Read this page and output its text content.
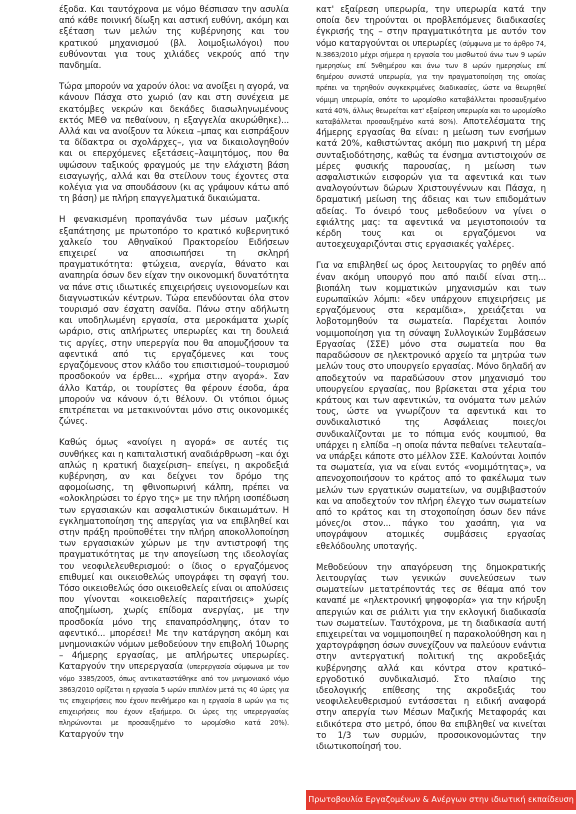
έξοδα. Και ταυτόχρονα με νόμο θέσπισαν την ασυλία από κάθε ποινική δίωξη και αστική ευθύνη, ακόμη και εξέταση των μελών της κυβέρνησης και του κρατικού μηχανισμού (βλ. λοιμοξιωλόγοι) που ευθύνονται για τους χιλιάδες νεκρούς από την πανδημία.

Τώρα μπορούν να χαρούν όλοι: να ανοίξει η αγορά, να κάνουν Πάσχα στο χωριό (αν και στη συνέχεια με εκατόμβες νεκρών και δεκάδες διασωληνωμένους εκτός ΜΕΘ να πεθαίνουν, η εξαγγελία ακυρώθηκε)... Αλλά και να ανοίξουν τα λύκεια –μπας και εισπράξουν τα δίδακτρα οι σχολάρχες–, για να δικαιολογηθούν και οι επερχόμενες εξετάσεις–λαιμητόμος, που θα υψώσουν ταξικούς φραγμούς με την ελάχιστη βάση εισαγωγής, αλλά και θα στείλουν τους έχοντες στα κολέγια για να σπουδάσουν (κι ας γράψουν κάτω από τη βάση) με πλήρη επαγγελματικά δικαιώματα.

Η φενακισμένη προπαγάνδα των μέσων μαζικής εξαπάτησης με πρωτοπόρο το κρατικό κυβερνητικό χαλκείο του Αθηναϊκού Πρακτορείου Ειδήσεων επιχειρεί να αποσιωπήσει τη σκληρή πραγματικότητα: φτώχεια, ανεργία, θάνατο και αναπηρία όσων δεν είχαν την οικονομική δυνατότητα να πάνε στις ιδιωτικές επιχειρήσεις υγειονομείων και διαγνωστικών κέντρων. Τώρα επενδύονται όλα στον τουρισμό σαν έσχατη σανίδα. Πάνω στην αδήλωτη και υποδηλωμένη εργασία, στα μεροκάματα χωρίς ωράριο, στις απλήρωτες υπερωρίες και τη δουλειά τις αργίες, στην υπερεργία που θα απομυζήσουν τα αφεντικά από τις εργαζόμενες και τους εργαζόμενους στον κλάδο του επισιτισμού–τουρισμού προσδοκούν να έρθει... «χρήμα στην αγορά». Σαν άλλο Κατάρ, οι τουρίστες θα φέρουν έσοδα, άρα μπορούν να κάνουν ό,τι θέλουν. Οι ντόπιοι όμως επιτρέπεται να μετακινούνται μόνο στις οικονομικές ζώνες.

Καθώς όμως «ανοίγει η αγορά» σε αυτές τις συνθήκες και η καπιταλιστική αναδιάρθρωση –και όχι απλώς η κρατική διαχείριση– επείγει, η ακροδεξιά κυβέρνηση, αν και δείχνει τον δρόμο της αφομοίωσης, τη φθινοπωρινή κάλπη, πρέπει να «ολοκληρώσει το έργο της» με την πλήρη ισοπέδωση των εργασιακών και ασφαλιστικών δικαιωμάτων. Η εγκληματοποίηση της απεργίας για να επιβληθεί και στην πράξη προϋποθέτει την πλήρη αποκολλοποίηση των εργασιακών χώρων με την αντιστροφή της πραγματικότητας με την απογείωση της ιδεολογίας του νεοφιλελευθερισμού: ο ίδιος ο εργαζόμενος επιθυμεί και οικειοθελώς υπογράφει τη σφαγή του. Τόσο οικειοθελώς όσο οικειοθελείς είναι οι απολύσεις που γίνονται «οικειοθελείς παραιτήσεις» χωρίς αποζημίωση, χωρίς επίδομα ανεργίας, με την προσδοκία μόνο της επαναπρόσληψης, όταν το αφεντικό... μπορέσει! Με την κατάργηση ακόμη και μνημονιακών νόμων μεθοδεύουν την επιβολή 10ωρης – 4ήμερης εργασίας, με απλήρωτες υπερωρίες. Καταργούν την υπερεργασία (υπερεργασία σύμφωνα με τον νόμο 3385/2005, όπως αντικαταστάθηκε από τον μνημονιακό νόμο 3863/2010 ορίζεται η εργασία 5 ωρών επιπλέον μετά τις 40 ώρες για τις επιχειρήσεις που έχουν πενθήμερο και η εργασία 8 ωρών για τις επιχειρήσεις που έχουν εξαήμερο. Οι ώρες της υπερεργασίας πληρώνονται με προσαυξημένο το ωρομίσθιο κατά 20%). Καταργούν την

κατ' εξαίρεση υπερωρία, την υπερωρία κατά την οποία δεν τηρούνται οι προβλεπόμενες διαδικασίες έγκρισής της – στην πραγματικότητα με αυτόν τον νόμο καταργούνται οι υπερωρίες (σύμφωνα με το άρθρο 74, Ν.3863/2010 μέχρι σήμερα η εργασία του μισθωτού άνω των 9 ωρών ημερησίως επί 5νθημέρου και άνω των 8 ωρών ημερησίως επί 6ημέρου συνιστά υπερωρία, για την πραγματοποίηση της οποίας πρέπει να τηρηθούν συγκεκριμένες διαδικασίες, ώστε να θεωρηθεί νόμιμη υπερωρία, οπότε το ωρομίσθιο καταβάλλεται προσαυξημένο κατά 40%, άλλως θεωρείται κατ' εξαίρεση υπερωρία και το ωρομίσθιο καταβάλλεται προσαυξημένο κατά 80%). Αποτελέσματα της 4ήμερης εργασίας θα είναι: η μείωση των ενσήμων κατά 20%, καθιστώντας ακόμη πιο μακρινή τη μέρα συνταξιοδότησης, καθώς τα ένσημα αντιστοιχούν σε μέρες φυσικής παρουσίας, η μείωση των ασφαλιστικών εισφορών για τα αφεντικά και των αναλογούντων δώρων Χριστουγέννων και Πάσχα, η δραματική μείωση της άδειας και των επιδομάτων αδείας. Το όνειρό τους μεθοδεύουν να γίνει ο εφιάλτης μας: τα αφεντικά να μεγιστοποιούν τα κέρδη τους και οι εργαζόμενοι να αυτοεχευχαριζόνται στις εργασιακές γαλέρες.

Για να επιβληθεί ως όρος λειτουργίας το ρηθέν από έναν ακόμη υπουργό που από παιδί είναι στη... βιοπάλη των κομματικών μηχανισμών και των ευρωπαϊκών λόμπι: «δεν υπάρχουν επιχειρήσεις με εργαζόμενους στα κεραμίδια», χρειάζεται να λοβοτομηθούν τα σωματεία. Παρέχεται λοιπόν νομιμοποίηση για τη σύναψη Συλλογικών Συμβάσεων Εργασίας (ΣΣΕ) μόνο στα σωματεία που θα παραδώσουν σε ηλεκτρονικό αρχείο τα μητρώα των μελών τους στο υπουργείο εργασίας. Μόνο δηλαδή αν αποδεχτούν να παραδώσουν στον μηχανισμό του υπουργείου εργασίας, που βρίσκεται στα χέρια του κράτους και των αφεντικών, τα ονόματα των μελών τους, ώστε να γνωρίζουν τα αφεντικά και το συνδικαλιστικό της Ασφάλειας ποιες/οι συνδικαλίζονται με το πόπιμα ενός κουμπιού, θα υπάρχει η ελπίδα –η οποία πάντα πεθαίνει τελευταία– να υπάρξει κάποτε στο μέλλον ΣΣΕ. Καλούνται λοιπόν τα σωματεία, για να είναι εντός «νομιμότητας», να απενοχοποιήσουν το κράτος από το φακέλωμα των μελών των εργατικών σωματείων, να συμβιβαστούν και να αποδεχτούν τον πλήρη έλεγχο των σωματείων από το κράτος και τη στοχοποίηση όσων δεν πάνε μόνες/οι στον... πάγκο του χασάπη, για να υπογράψουν ατομικές συμβάσεις εργασίας εθελόδουλης υποταγής.

Μεθοδεύουν την απαγόρευση της δημοκρατικής λειτουργίας των γενικών συνελεύσεων των σωματείων μετατρέποντάς τες σε θέαμα από τον καναπέ με «ηλεκτρονική ψηφοφορία» για την κήρυξη απεργιών και σε ριάλιτι για την εκλογική διαδικασία των σωματείων. Ταυτόχρονα, με τη διαδικασία αυτή επιχειρείται να νομιμοποιηθεί η παρακολούθηση και η χαρτογράφηση όσων συνεχίζουν να παλεύουν ενάντια στην αντεργατική πολιτική της ακροδεξιάς κυβέρνησης αλλά και κόντρα στον κρατικό–εργοδοτικό συνδικαλισμό. Στο πλαίσιο της ιδεολογικής επίθεσης της ακροδεξιάς του νεοφιλελευθερισμού εντάσσεται η ειδική αναφορά στην απεργία των Μέσων Μαζικής Μεταφοράς και ειδικότερα στο μετρό, όπου θα επιβληθεί να κινείται το 1/3 των συρμών, προσοικονομώντας την ιδιωτικοποίησή του.

Πρωτοβουλία Εργαζομένων & Ανέργων στην ιδιωτική εκπαίδευση
